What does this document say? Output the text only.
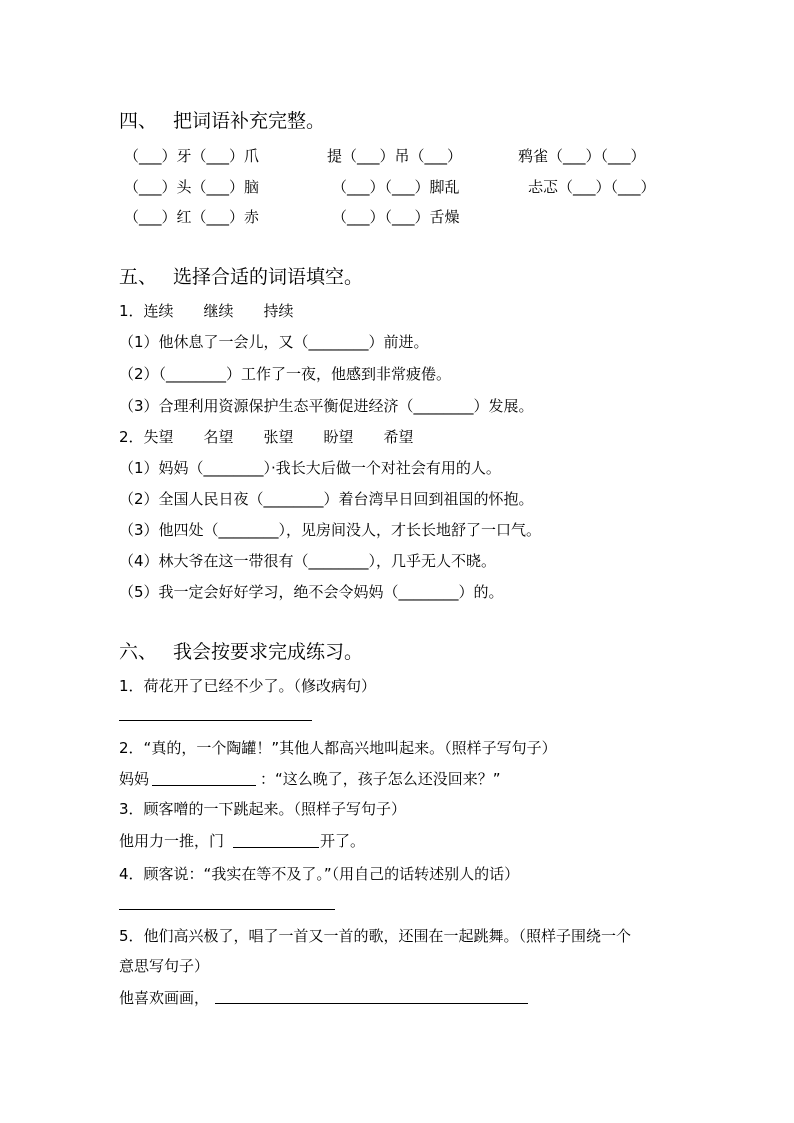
四、 把词语补充完整。
（___）牙（___）爪	提（___）吊（___）	鸦雀（___）（___）
（___）头（___）脑	（___）（___）脚乱	忐忑（___）（___）
（___）红（___）赤	（___）（___）舌燥
五、 选择合适的词语填空。
1．连续　　继续　　持续
（1）他休息了一会儿，又（________）前进。
（2）（________）工作了一夜，他感到非常疲倦。
（3）合理利用资源保护生态平衡促进经济（________）发展。
2．失望　　名望　　张望　　盼望　　希望
（1）妈妈（________）·我长大后做一个对社会有用的人。
（2）全国人民日夜（________）着台湾早日回到祖国的怀抱。
（3）他四处（________），见房间没人，才长长地舒了一口气。
（4）林大爷在这一带很有（________），几乎无人不晓。
（5）我一定会好好学习，绝不会令妈妈（________）的。
六、 我会按要求完成练习。
1．荷花开了已经不少了。（修改病句）
2．“真的，一个陶罐！”其他人都高兴地叫起来。（照样子写句子）
妈妈	：“这么晚了，孩子怎么还没回来？”
3．顾客噌的一下跳起来。（照样子写句子）
他用力一推，门	开了。
4．顾客说：“我实在等不及了。”（用自己的话转述别人的话）
5．他们高兴极了，唱了一首又一首的歌，还围在一起跳舞。（照样子围绕一个
意思写句子）
他喜欢画画，
